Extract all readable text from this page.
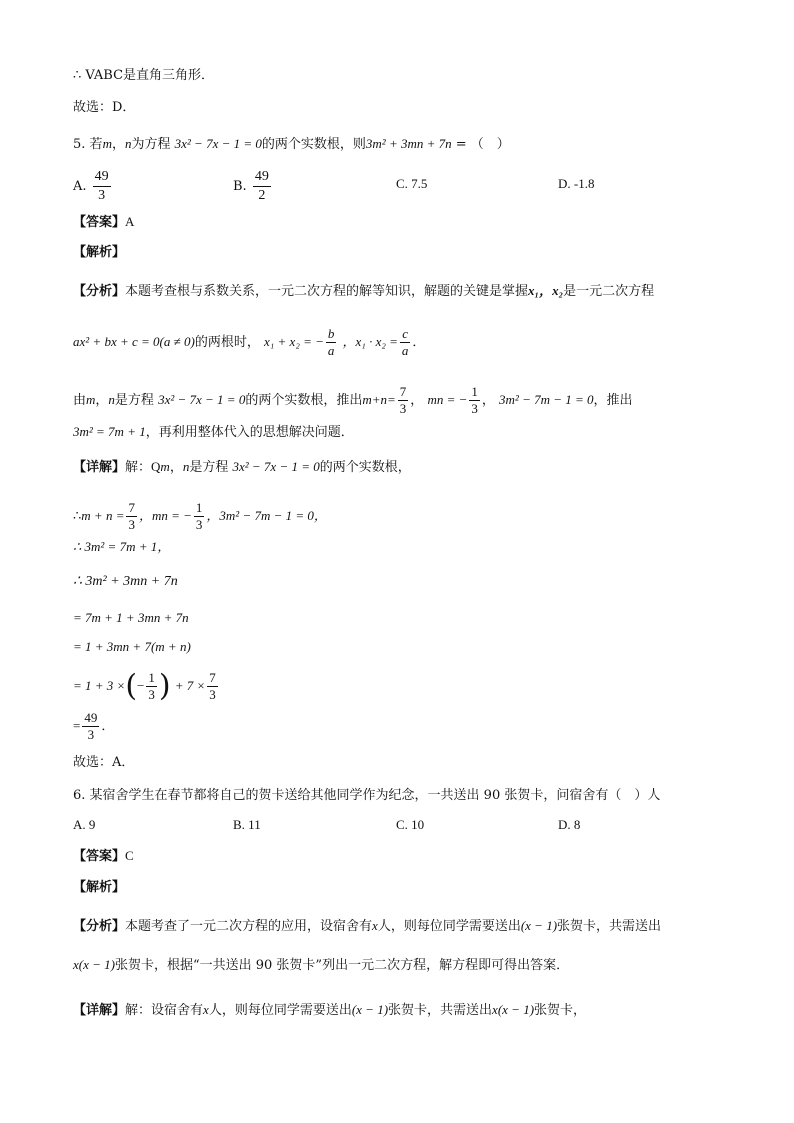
∴ VABC是直角三角形．
故选：D．
5. 若m，n为方程 3x² − 7x − 1 = 0的两个实数根，则3m² + 3mn + 7n = （　）
A. $\frac{49}{3}$	B. $\frac{49}{2}$	C. 7.5	D. -1.8
【答案】A
【解析】
【分析】本题考查根与系数关系，一元二次方程的解等知识，解题的关键是掌握x₁，x₂是一元二次方程
ax² + bx + c = 0(a ≠ 0)的两根时， x₁ + x₂ = − $\frac{b}{a}$ ，$x_1 \cdot x_2 = \frac{c}{a}$ ．
由m，n是方程 3x² − 7x − 1 = 0的两个实数根，推出$m+n= \frac{7}{3}$ ， mn = − $\frac{1}{3}$ ， 3m² − 7m − 1 = 0，推出
3m² = 7m + 1，再利用整体代入的思想解决问题．
【详解】解：Qm，n是方程 3x² − 7x − 1 = 0的两个实数根，
∴m + $n = \frac{7}{3}$ ，mn = − $\frac{1}{3}$ ，3m² − 7m − 1 = 0，
∴ 3m² = 7m + 1，
∴ 3m² + 3mn + 7n
= 7m + 1 + 3mn + 7n
= 1 + 3mn + 7(m + n)
= 1 + 3 ×(− $\frac{1}{3}$ ) + $7 \times \frac{7}{3}$
= $\frac{49}{3}$ ．
故选：A．
6. 某宿舍学生在春节都将自己的贺卡送给其他同学作为纪念，一共送出 90 张贺卡，问宿舍有（　）人
A. 9	B. 11	C. 10	D. 8
【答案】C
【解析】
【分析】本题考查了一元二次方程的应用，设宿舍有x人，则每位同学需要送出(x − 1)张贺卡，共需送出
x(x − 1)张贺卡，根据“一共送出 90 张贺卡”列出一元二次方程，解方程即可得出答案．
【详解】解：设宿舍有x人，则每位同学需要送出(x − 1)张贺卡，共需送出x(x − 1)张贺卡，
